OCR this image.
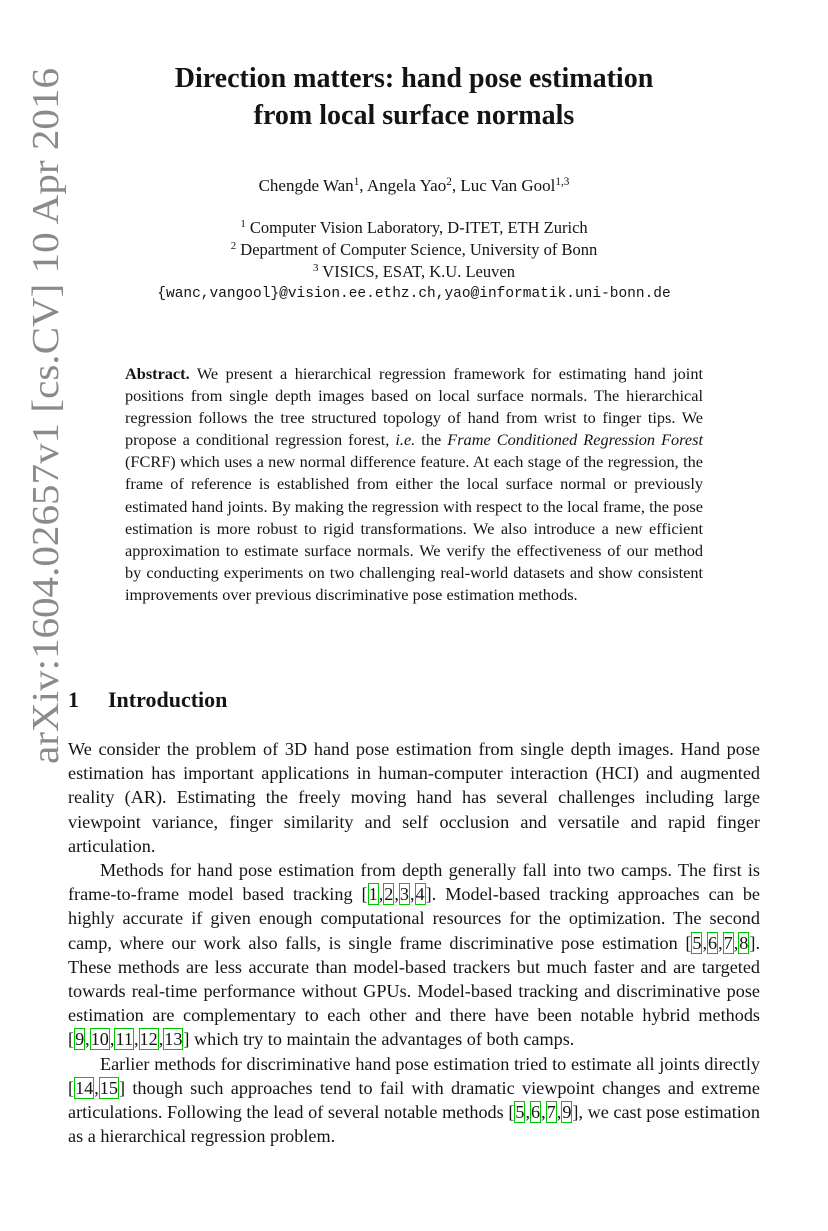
arXiv:1604.02657v1 [cs.CV] 10 Apr 2016
Direction matters: hand pose estimation
from local surface normals
Chengde Wan$^1$, Angela Yao$^2$, Luc Van Gool$^{1,3}$
$^1$ Computer Vision Laboratory, D-ITET, ETH Zurich
$^2$ Department of Computer Science, University of Bonn
$^3$ VISICS, ESAT, K.U. Leuven
{wanc,vangool}@vision.ee.ethz.ch,yao@informatik.uni-bonn.de

Abstract. We present a hierarchical regression framework for estimating hand joint positions from single depth images based on local surface normals. The hierarchical regression follows the tree structured topology of hand from wrist to finger tips. We propose a conditional regression forest, i.e. the Frame Conditioned Regression Forest (FCRF) which uses a new normal difference feature. At each stage of the regression, the frame of reference is established from either the local surface normal or previously estimated hand joints. By making the regression with respect to the local frame, the pose estimation is more robust to rigid transformations. We also introduce a new efficient approximation to estimate surface normals. We verify the effectiveness of our method by conducting experiments on two challenging real-world datasets and show consistent improvements over previous discriminative pose estimation methods.

1 Introduction

We consider the problem of 3D hand pose estimation from single depth images. Hand pose estimation has important applications in human-computer interaction (HCI) and augmented reality (AR). Estimating the freely moving hand has several challenges including large viewpoint variance, finger similarity and self occlusion and versatile and rapid finger articulation.

Methods for hand pose estimation from depth generally fall into two camps. The first is frame-to-frame model based tracking [1,2,3,4]. Model-based tracking approaches can be highly accurate if given enough computational resources for the optimization. The second camp, where our work also falls, is single frame discriminative pose estimation [5,6,7,8]. These methods are less accurate than model-based trackers but much faster and are targeted towards real-time performance without GPUs. Model-based tracking and discriminative pose estimation are complementary to each other and there have been notable hybrid methods [9,10,11,12,13] which try to maintain the advantages of both camps.

Earlier methods for discriminative hand pose estimation tried to estimate all joints directly [14,15] though such approaches tend to fail with dramatic viewpoint changes and extreme articulations. Following the lead of several notable methods [5,6,7,9], we cast pose estimation as a hierarchical regression problem.
